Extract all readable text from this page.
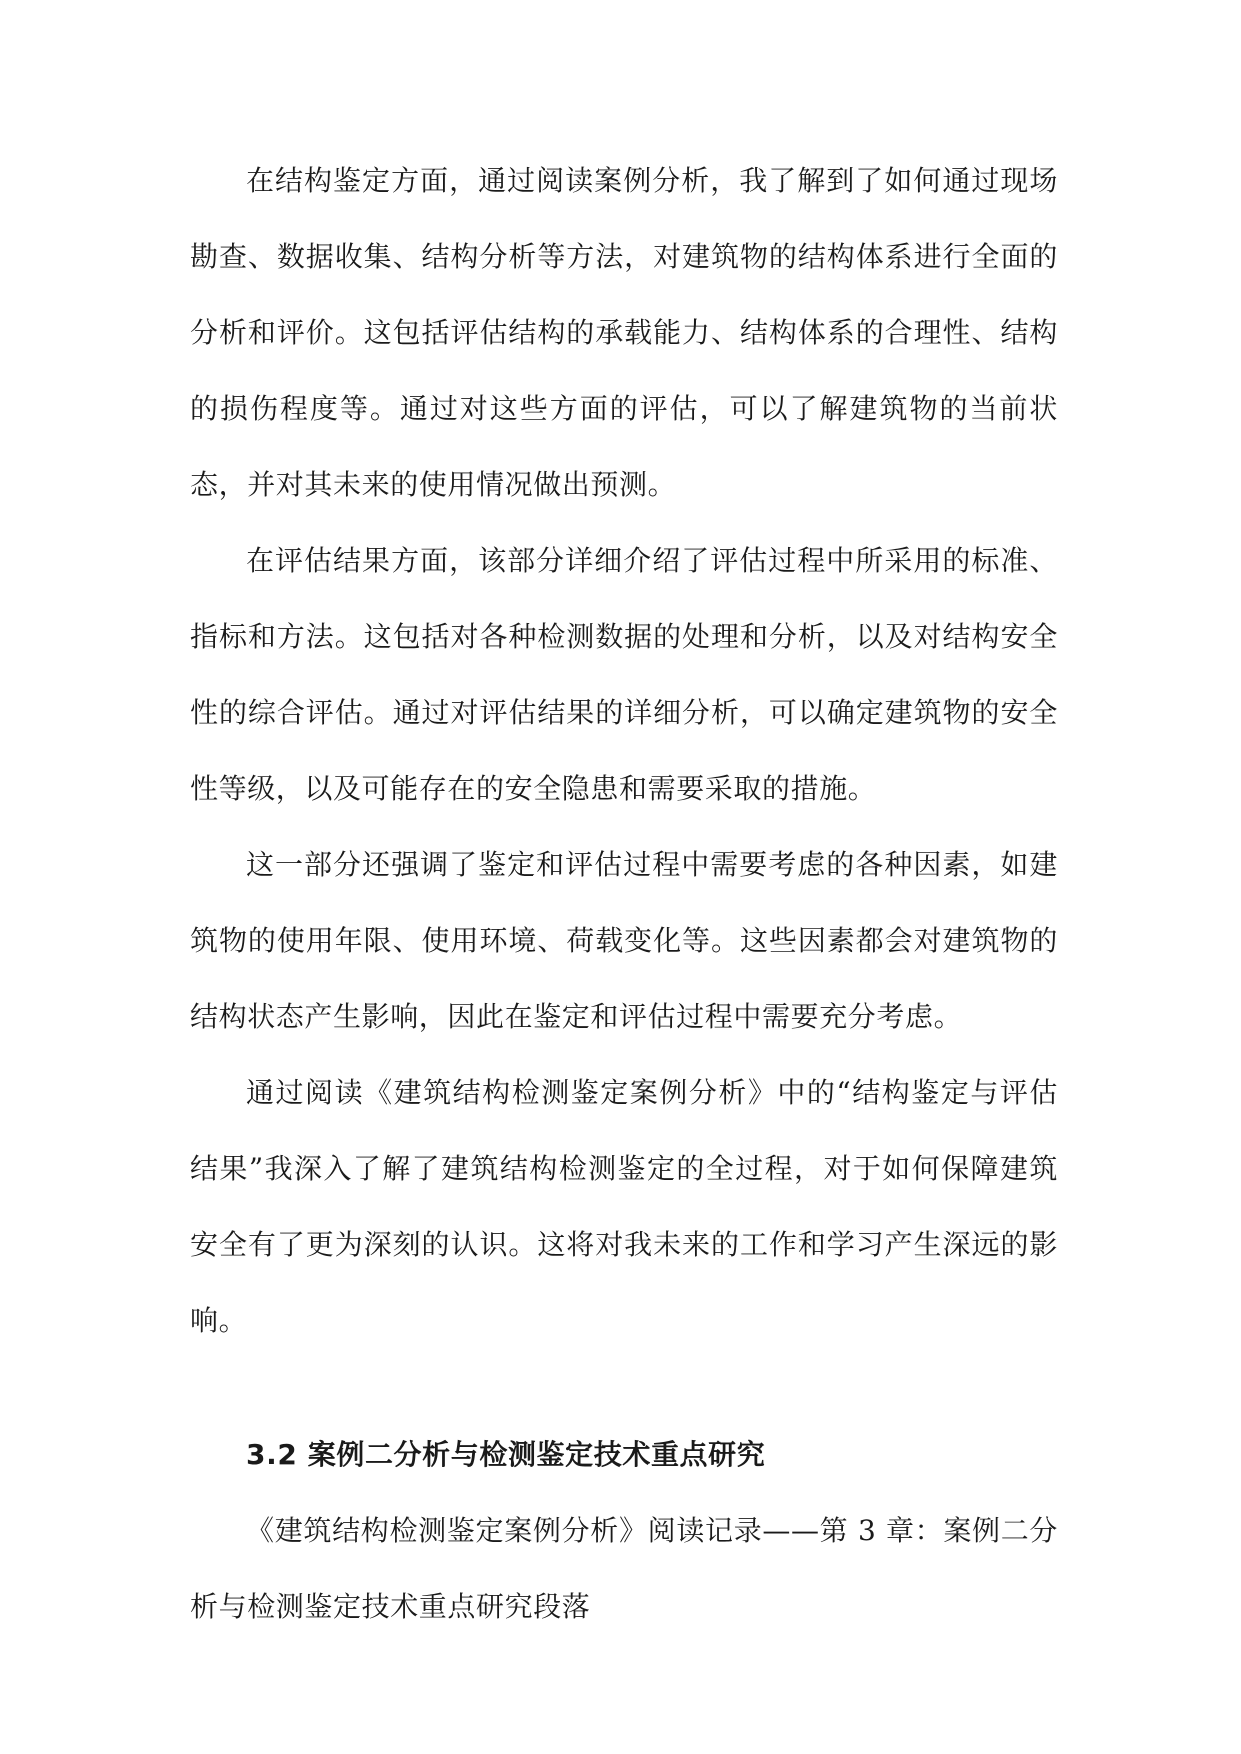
在结构鉴定方面，通过阅读案例分析，我了解到了如何通过现场勘查、数据收集、结构分析等方法，对建筑物的结构体系进行全面的分析和评价。这包括评估结构的承载能力、结构体系的合理性、结构的损伤程度等。通过对这些方面的评估，可以了解建筑物的当前状态，并对其未来的使用情况做出预测。

在评估结果方面，该部分详细介绍了评估过程中所采用的标准、指标和方法。这包括对各种检测数据的处理和分析，以及对结构安全性的综合评估。通过对评估结果的详细分析，可以确定建筑物的安全性等级，以及可能存在的安全隐患和需要采取的措施。

这一部分还强调了鉴定和评估过程中需要考虑的各种因素，如建筑物的使用年限、使用环境、荷载变化等。这些因素都会对建筑物的结构状态产生影响，因此在鉴定和评估过程中需要充分考虑。

通过阅读《建筑结构检测鉴定案例分析》中的“结构鉴定与评估结果”我深入了解了建筑结构检测鉴定的全过程，对于如何保障建筑安全有了更为深刻的认识。这将对我未来的工作和学习产生深远的影响。

3.2 案例二分析与检测鉴定技术重点研究

《建筑结构检测鉴定案例分析》阅读记录——第 3 章：案例二分析与检测鉴定技术重点研究段落
